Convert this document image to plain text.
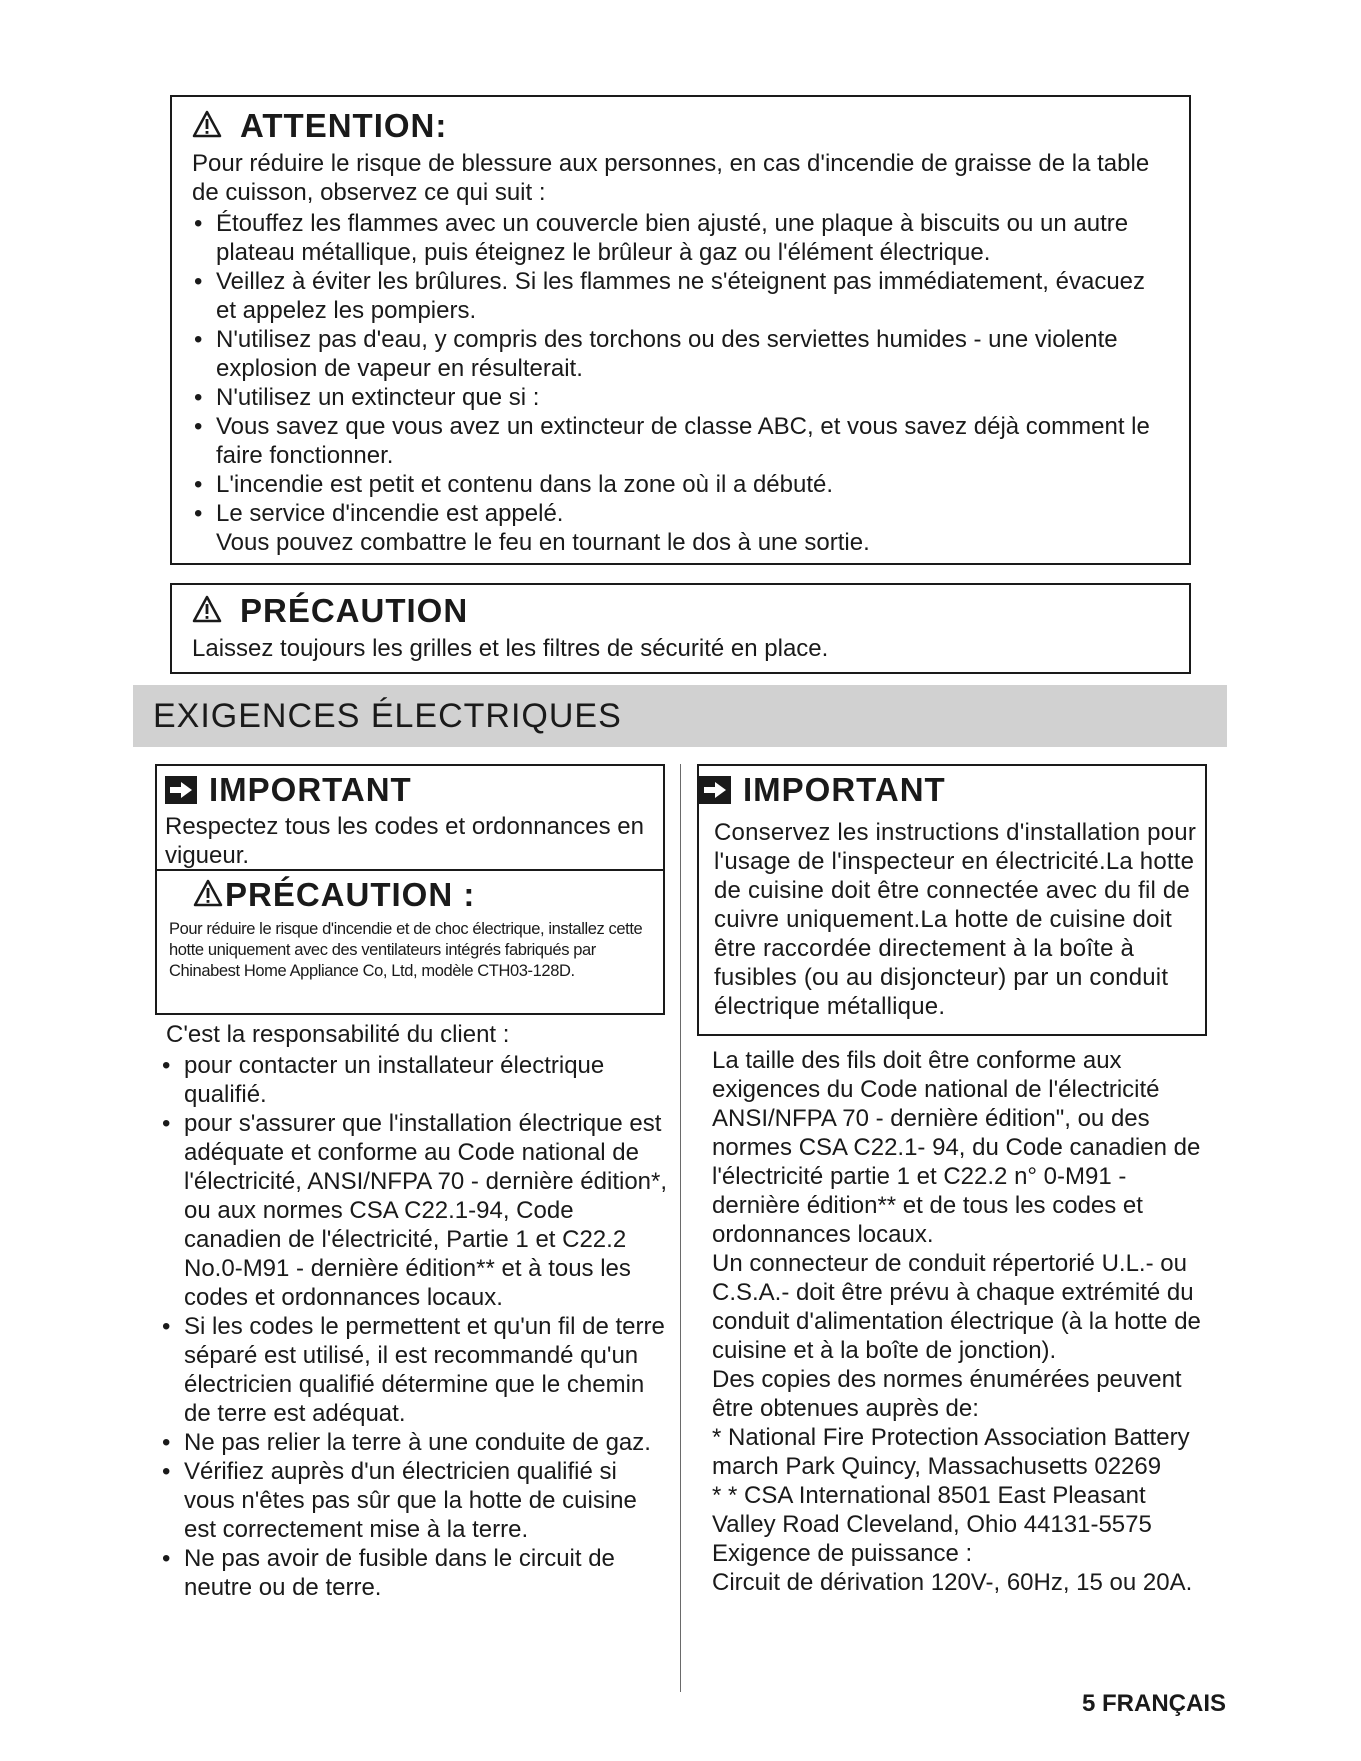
ATTENTION:

Pour réduire le risque de blessure aux personnes, en cas d'incendie de graisse de la table de cuisson, observez ce qui suit :

• Étouffez les flammes avec un couvercle bien ajusté, une plaque à biscuits ou un autre plateau métallique, puis éteignez le brûleur à gaz ou l'élément électrique.
• Veillez à éviter les brûlures. Si les flammes ne s'éteignent pas immédiatement, évacuez et appelez les pompiers.
• N'utilisez pas d'eau, y compris des torchons ou des serviettes humides - une violente explosion de vapeur en résulterait.
• N'utilisez un extincteur que si :
• Vous savez que vous avez un extincteur de classe ABC, et vous savez déjà comment le faire fonctionner.
• L'incendie est petit et contenu dans la zone où il a débuté.
• Le service d'incendie est appelé.
Vous pouvez combattre le feu en tournant le dos à une sortie.
PRÉCAUTION

Laissez toujours les grilles et les filtres de sécurité en place.

EXIGENCES ÉLECTRIQUES
IMPORTANT

Respectez tous les codes et ordonnances en vigueur.

PRÉCAUTION :

Pour réduire le risque d'incendie et de choc électrique, installez cette hotte uniquement avec des ventilateurs intégrés fabriqués par Chinabest Home Appliance Co, Ltd, modèle CTH03-128D.

C'est la responsabilité du client :

• pour contacter un installateur électrique qualifié.
• pour s'assurer que l'installation électrique est adéquate et conforme au Code national de l'électricité, ANSI/NFPA 70 - dernière édition*, ou aux normes CSA C22.1-94, Code canadien de l'électricité, Partie 1 et C22.2 No.0-M91 - dernière édition** et à tous les codes et ordonnances locaux.
• Si les codes le permettent et qu'un fil de terre séparé est utilisé, il est recommandé qu'un électricien qualifié détermine que le chemin de terre est adéquat.
• Ne pas relier la terre à une conduite de gaz.
• Vérifiez auprès d'un électricien qualifié si vous n'êtes pas sûr que la hotte de cuisine est correctement mise à la terre.
• Ne pas avoir de fusible dans le circuit de neutre ou de terre.
IMPORTANT

Conservez les instructions d'installation pour l'usage de l'inspecteur en électricité.La hotte de cuisine doit être connectée avec du fil de cuivre uniquement.La hotte de cuisine doit être raccordée directement à la boîte à fusibles (ou au disjoncteur) par un conduit électrique métallique.

La taille des fils doit être conforme aux exigences du Code national de l'électricité ANSI/NFPA 70 - dernière édition", ou des normes CSA C22.1- 94, du Code canadien de l'électricité partie 1 et C22.2 n° 0-M91 - dernière édition** et de tous les codes et ordonnances locaux.

Un connecteur de conduit répertorié U.L.- ou C.S.A.- doit être prévu à chaque extrémité du conduit d'alimentation électrique (à la hotte de cuisine et à la boîte de jonction).

Des copies des normes énumérées peuvent être obtenues auprès de:

* National Fire Protection Association Battery march Park Quincy, Massachusetts 02269

* * CSA International 8501 East Pleasant Valley Road Cleveland, Ohio 44131-5575

Exigence de puissance :

Circuit de dérivation 120V-, 60Hz, 15 ou 20A.

5 FRANÇAIS
